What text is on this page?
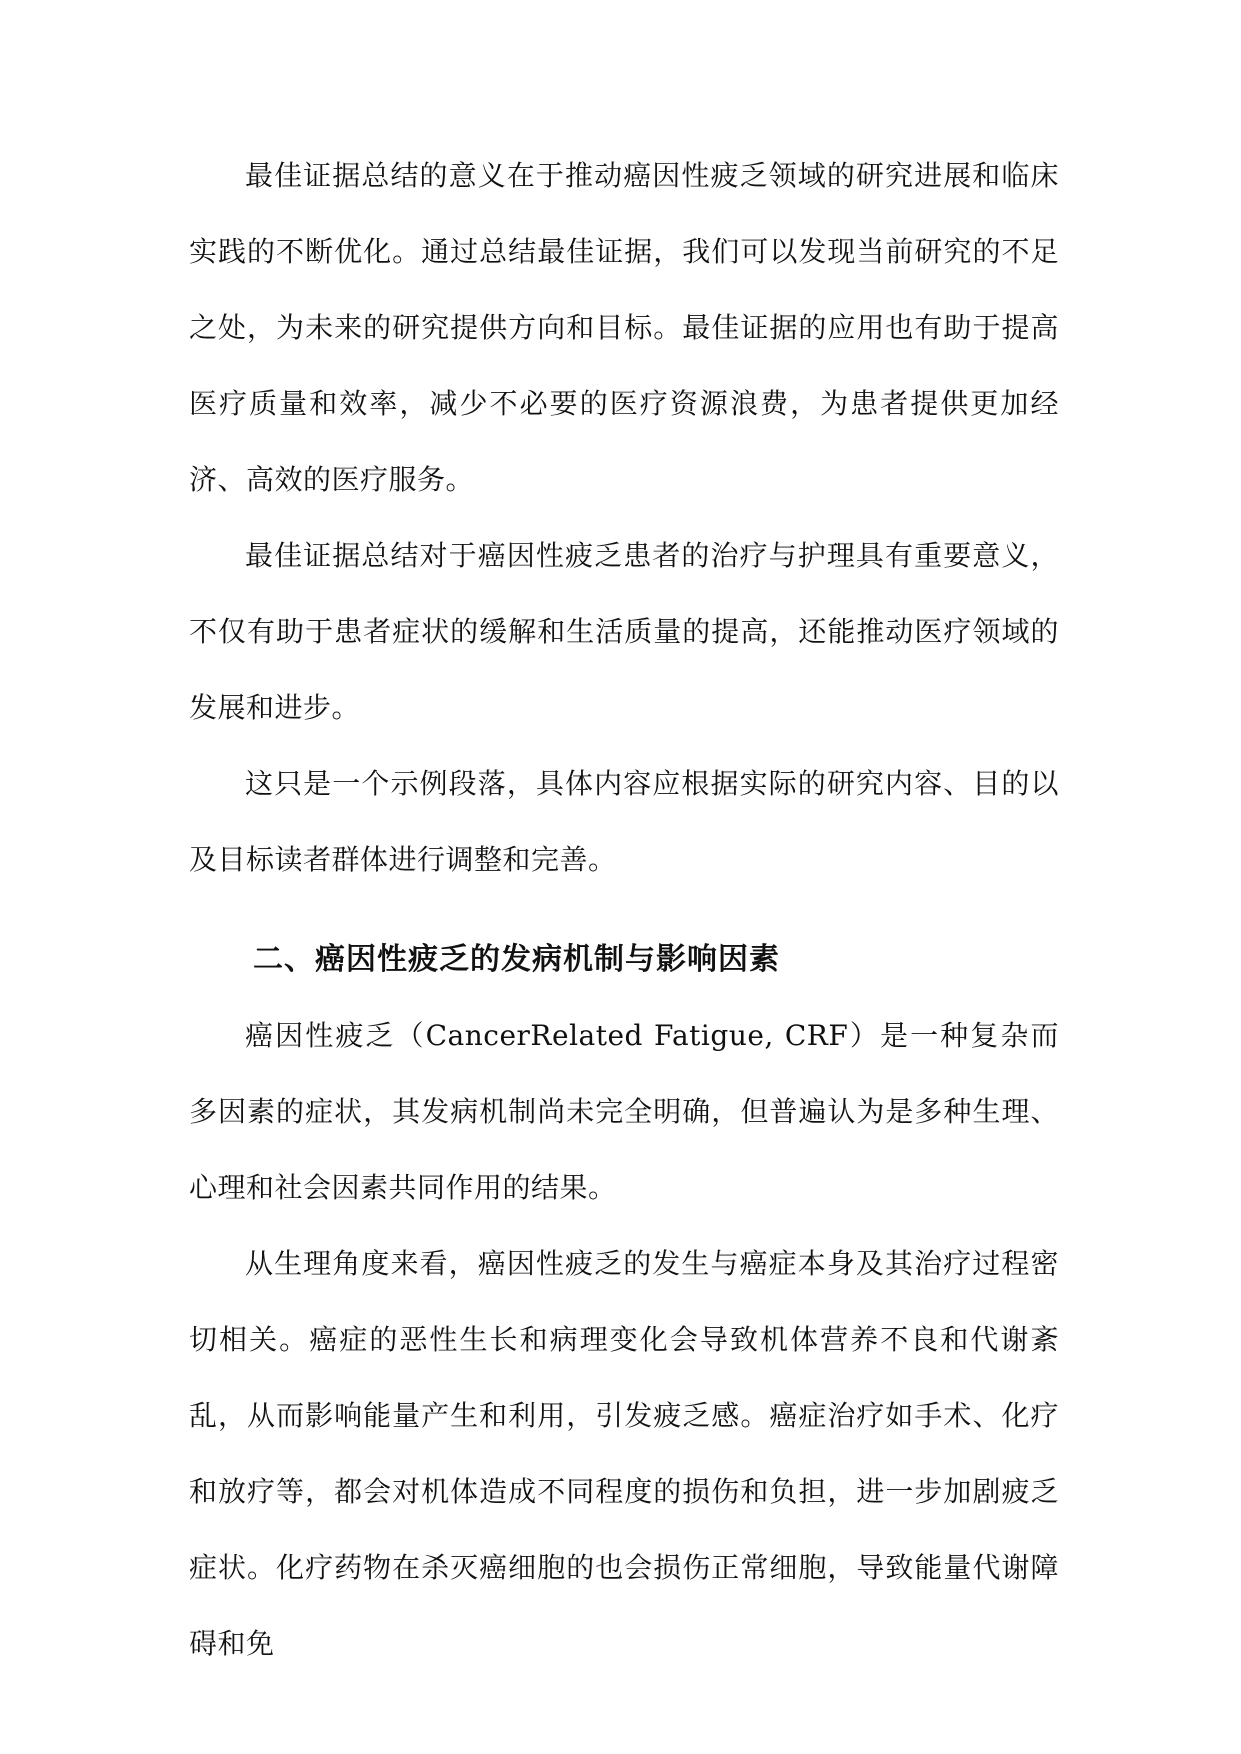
最佳证据总结的意义在于推动癌因性疲乏领域的研究进展和临床实践的不断优化。通过总结最佳证据，我们可以发现当前研究的不足之处，为未来的研究提供方向和目标。最佳证据的应用也有助于提高医疗质量和效率，减少不必要的医疗资源浪费，为患者提供更加经济、高效的医疗服务。

最佳证据总结对于癌因性疲乏患者的治疗与护理具有重要意义，不仅有助于患者症状的缓解和生活质量的提高，还能推动医疗领域的发展和进步。

这只是一个示例段落，具体内容应根据实际的研究内容、目的以及目标读者群体进行调整和完善。

二、癌因性疲乏的发病机制与影响因素

癌因性疲乏（CancerRelated Fatigue, CRF）是一种复杂而多因素的症状，其发病机制尚未完全明确，但普遍认为是多种生理、心理和社会因素共同作用的结果。

从生理角度来看，癌因性疲乏的发生与癌症本身及其治疗过程密切相关。癌症的恶性生长和病理变化会导致机体营养不良和代谢紊乱，从而影响能量产生和利用，引发疲乏感。癌症治疗如手术、化疗和放疗等，都会对机体造成不同程度的损伤和负担，进一步加剧疲乏症状。化疗药物在杀灭癌细胞的也会损伤正常细胞，导致能量代谢障碍和免
